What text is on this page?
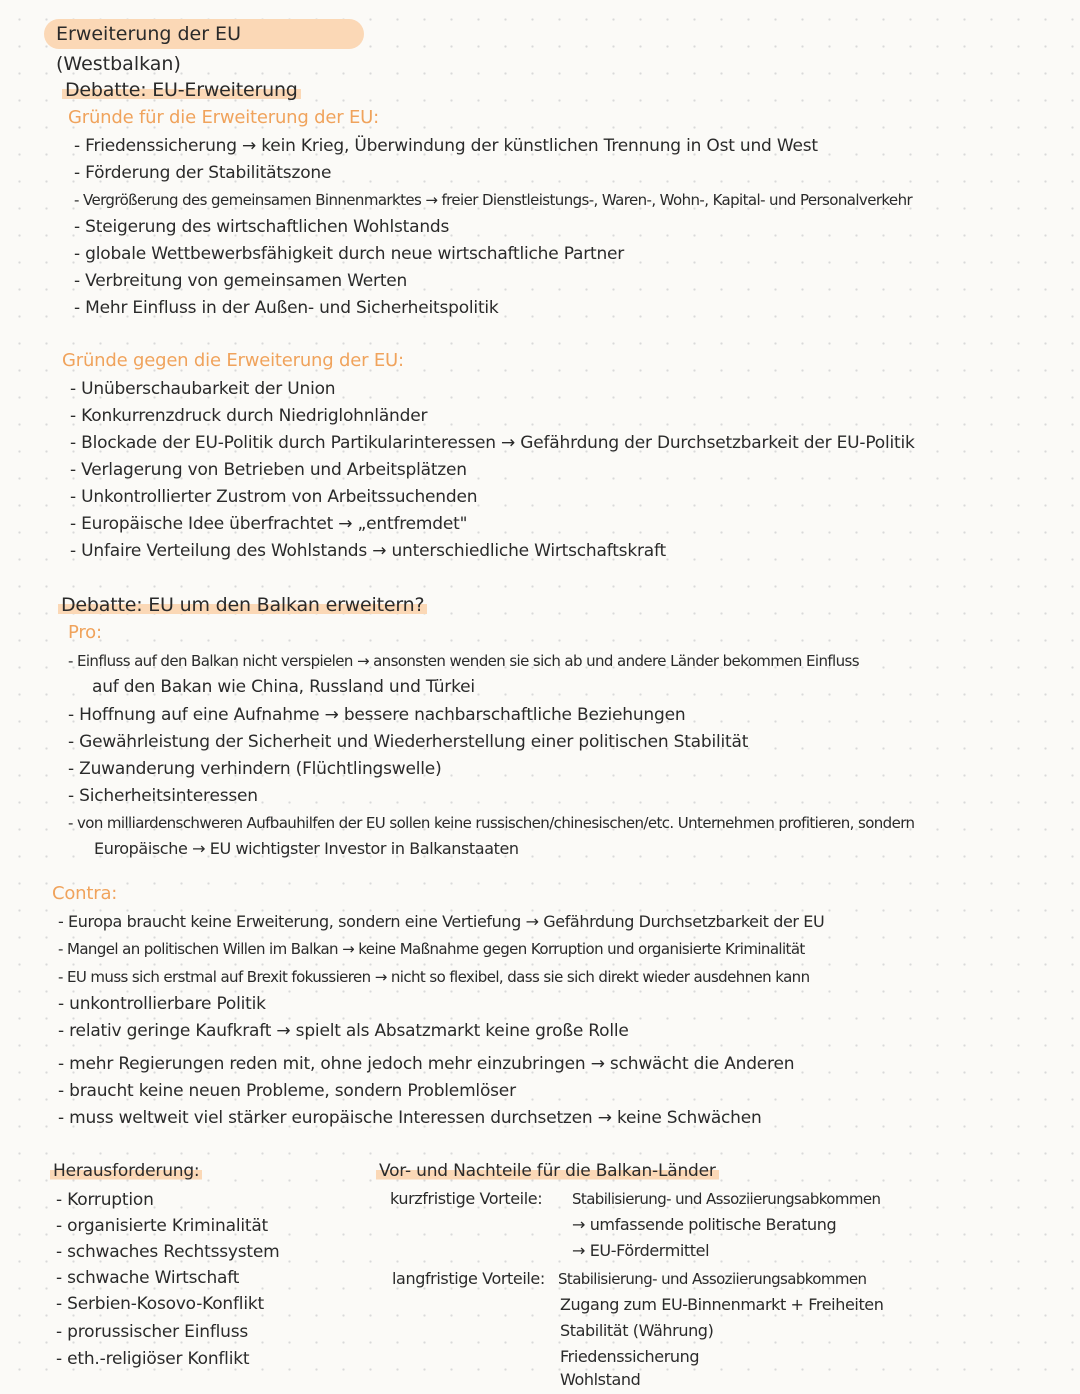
Erweiterung der EU (Westbalkan)
Debatte: EU-Erweiterung
Gründe für die Erweiterung der EU:
- Friedenssicherung → kein Krieg, Überwindung der künstlichen Trennung in Ost und West
- Förderung der Stabilitätszone
- Vergrößerung des gemeinsamen Binnenmarktes → freier Dienstleistungs-, Waren-, Wohn-, Kapital- und Personalverkehr
- Steigerung des wirtschaftlichen Wohlstands
- globale Wettbewerbsfähigkeit durch neue wirtschaftliche Partner
- Verbreitung von gemeinsamen Werten
- Mehr Einfluss in der Außen- und Sicherheitspolitik
Gründe gegen die Erweiterung der EU:
- Unüberschaubarkeit der Union
- Konkurrenzdruck durch Niedriglohnländer
- Blockade der EU-Politik durch Partikularinteressen → Gefährdung der Durchsetzbarkeit der EU-Politik
- Verlagerung von Betrieben und Arbeitsplätzen
- Unkontrollierter Zustrom von Arbeitssuchenden
- Europäische Idee überfrachtet → „entfremdet"
- Unfaire Verteilung des Wohlstands → unterschiedliche Wirtschaftskraft
Debatte: EU um den Balkan erweitern?
Pro:
- Einfluss auf den Balkan nicht verspielen → ansonsten wenden sie sich ab und andere Länder bekommen Einfluss
auf den Bakan wie China, Russland und Türkei
- Hoffnung auf eine Aufnahme → bessere nachbarschaftliche Beziehungen
- Gewährleistung der Sicherheit und Wiederherstellung einer politischen Stabilität
- Zuwanderung verhindern (Flüchtlingswelle)
- Sicherheitsinteressen
- von milliardenschweren Aufbauhilfen der EU sollen keine russischen/chinesischen/etc. Unternehmen profitieren, sondern
Europäische → EU wichtigster Investor in Balkanstaaten
Contra:
- Europa braucht keine Erweiterung, sondern eine Vertiefung → Gefährdung Durchsetzbarkeit der EU
- Mangel an politischen Willen im Balkan → keine Maßnahme gegen Korruption und organisierte Kriminalität
- EU muss sich erstmal auf Brexit fokussieren → nicht so flexibel, dass sie sich direkt wieder ausdehnen kann
- unkontrollierbare Politik
- relativ geringe Kaufkraft → spielt als Absatzmarkt keine große Rolle
- mehr Regierungen reden mit, ohne jedoch mehr einzubringen → schwächt die Anderen
- braucht keine neuen Probleme, sondern Problemlöser
- muss weltweit viel stärker europäische Interessen durchsetzen → keine Schwächen
Herausforderung:
- Korruption
- organisierte Kriminalität
- schwaches Rechtssystem
- schwache Wirtschaft
- Serbien-Kosovo-Konflikt
- prorussischer Einfluss
- eth.-religiöser Konflikt
Vor- und Nachteile für die Balkan-Länder
kurzfristige Vorteile: Stabilisierung- und Assoziierungsabkommen
→ umfassende politische Beratung
→ EU-Fördermittel
langfristige Vorteile: Stabilisierung- und Assoziierungsabkommen
Zugang zum EU-Binnenmarkt + Freiheiten
Stabilität (Währung)
Friedenssicherung
Wohlstand
